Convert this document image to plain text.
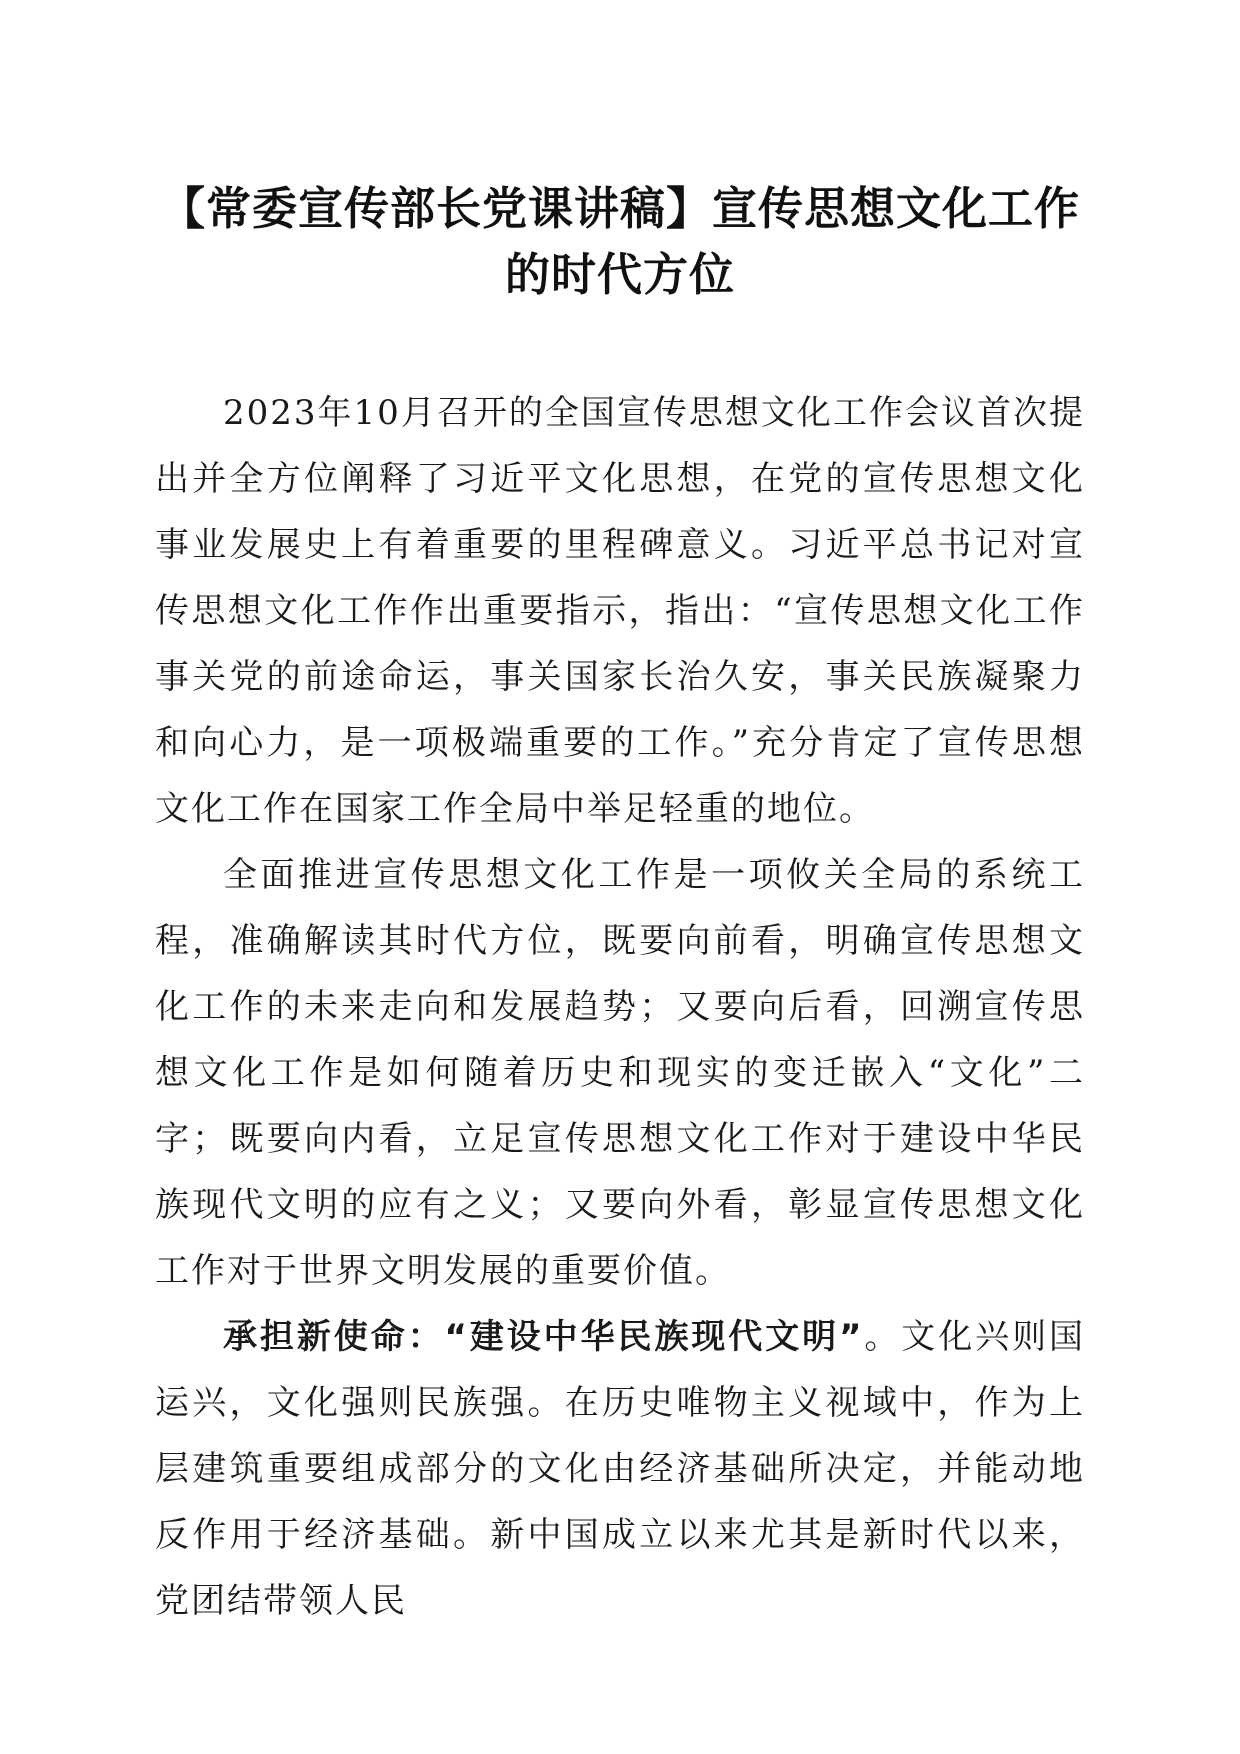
【常委宣传部长党课讲稿】宣传思想文化工作
的时代方位

2023年10月召开的全国宣传思想文化工作会议首次提出并全方位阐释了习近平文化思想，在党的宣传思想文化事业发展史上有着重要的里程碑意义。习近平总书记对宣传思想文化工作作出重要指示，指出：“宣传思想文化工作事关党的前途命运，事关国家长治久安，事关民族凝聚力和向心力，是一项极端重要的工作。”充分肯定了宣传思想文化工作在国家工作全局中举足轻重的地位。

全面推进宣传思想文化工作是一项攸关全局的系统工程，准确解读其时代方位，既要向前看，明确宣传思想文化工作的未来走向和发展趋势；又要向后看，回溯宣传思想文化工作是如何随着历史和现实的变迁嵌入“文化”二字；既要向内看，立足宣传思想文化工作对于建设中华民族现代文明的应有之义；又要向外看，彰显宣传思想文化工作对于世界文明发展的重要价值。

承担新使命：“建设中华民族现代文明”。文化兴则国运兴，文化强则民族强。在历史唯物主义视域中，作为上层建筑重要组成部分的文化由经济基础所决定，并能动地反作用于经济基础。新中国成立以来尤其是新时代以来，党团结带领人民
